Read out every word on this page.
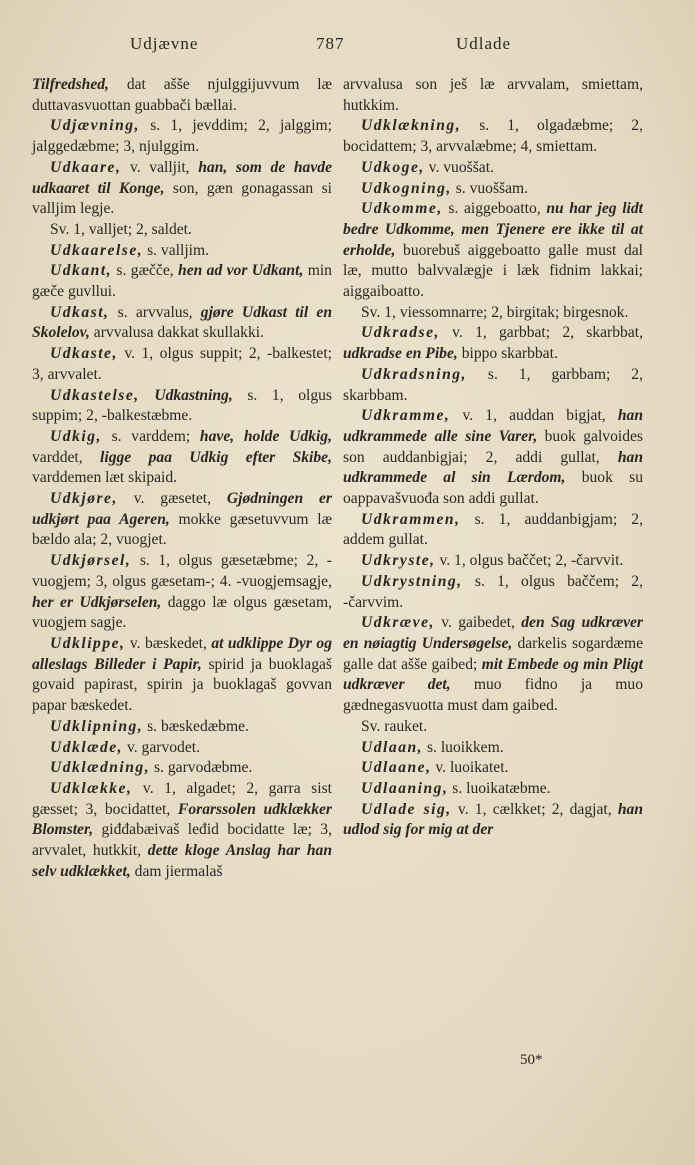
Udjævne	787	Udlade

Tilfredshed, dat ašše njulggijuvvum læ duttavasvuottan guabbači bællai.

Udjævning, s. 1, jevddim; 2, jalggim; jalggedæbme; 3, njulggim.

Udkaare, v. valljit, han, som de havde udkaaret til Konge, son, gæn gonagassan si valljim legje.

Sv. 1, valljet; 2, saldet.

Udkaarelse, s. valljim.

Udkant, s. gæčče, hen ad vor Udkant, min gæče guvllui.

Udkast, s. arvvalus, gjøre Udkast til en Skolelov, arvvalusa dakkat skullakki.

Udkaste, v. 1, olgus suppit; 2, -balkestet; 3, arvvalet.

Udkastelse, Udkastning, s. 1, olgus suppim; 2, -balkestæbme.

Udkig, s. varddem; have, holde Udkig, varddet, ligge paa Udkig efter Skibe, varddemen læt skipaid.

Udkjøre, v. gæsetet, Gjødningen er udkjørt paa Ageren, mokke gæsetuvvum læ bældo ala; 2, vuogjet.

Udkjørsel, s. 1, olgus gæsetæbme; 2, -vuogjem; 3, olgus gæsetam-; 4. -vuogjemsagje, her er Udkjørselen, daggo læ olgus gæsetam, vuogjem sagje.

Udklippe, v. bæskedet, at udklippe Dyr og alleslags Billeder i Papir, spirid ja buoklagaš govaid papirast, spirin ja buoklagaš govvan papar bæskedet.

Udklipning, s. bæskedæbme.

Udklæde, v. garvodet.

Udklædning, s. garvodæbme.

Udklække, v. 1, algadet; 2, garra sist gæsset; 3, bocidattet, Forarssolen udklækker Blomster, giđđabæivaš leđid bocidatte læ; 3, arvvalet, hutkkit, dette kloge Anslag har han selv udklækket, dam jiermalaš

arvvalusa son ješ læ arvvalam, smiettam, hutkkim.

Udklækning, s. 1, olgadæbme; 2, bocidattem; 3, arvvalæbme; 4, smiettam.

Udkoge, v. vuoššat.

Udkogning, s. vuoššam.

Udkomme, s. aiggeboatto, nu har jeg lidt bedre Udkomme, men Tjenere ere ikke til at erholde, buorebuš aiggeboatto galle must dal læ, mutto balvvalægje i læk fidnim lakkai; aiggaiboatto.

Sv. 1, viessomnarre; 2, birgitak; birgesnok.

Udkradse, v. 1, garbbat; 2, skarbbat, udkradse en Pibe, bippo skarbbat.

Udkradsning, s. 1, garbbam; 2, skarbbam.

Udkramme, v. 1, auddan bigjat, han udkrammede alle sine Varer, buok galvoides son auddanbigjai; 2, addi gullat, han udkrammede al sin Lærdom, buok su oappavašvuođa son addi gullat.

Udkrammen, s. 1, auddanbigjam; 2, addem gullat.

Udkryste, v. 1, olgus baččet; 2, -čarvvit.

Udkrystning, s. 1, olgus baččem; 2, -čarvvim.

Udkræve, v. gaibedet, den Sag udkræver en nøiagtig Undersøgelse, darkelis sogardæme galle dat ašše gaibed; mit Embede og min Pligt udkræver det, muo fidno ja muo gædnegasvuotta must dam gaibed.

Sv. rauket.

Udlaan, s. luoikkem.

Udlaane, v. luoikatet.

Udlaaning, s. luoikatæbme.

Udlade sig, v. 1, cælkket; 2, dagjat, han udlod sig for mig at der

50*
